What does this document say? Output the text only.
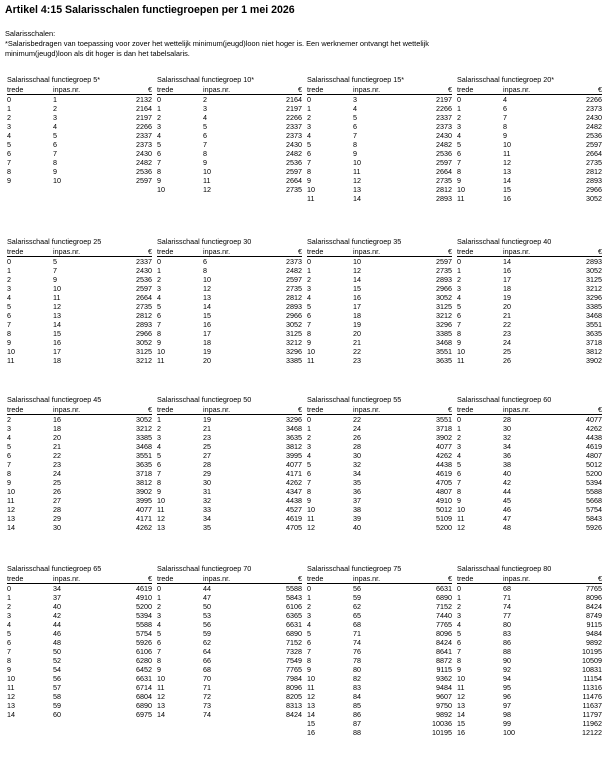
Artikel 4:15 Salarisschalen functiegroepen per 1 mei 2026
Salarisschalen:
*Salarisbedragen van toepassing voor zover het wettelijk minimum(jeugd)loon niet hoger is. Een werknemer ontvangt het wettelijk
minimum(jeugd)loon als dit hoger is dan het tabelsalaris.
Salarisschaal functiegroep 5*
trede	inpas.nr.	€
0	1	2132
1	2	2164
2	3	2197
3	4	2266
4	5	2337
5	6	2373
6	7	2430
7	8	2482
8	9	2536
9	10	2597
Salarisschaal functiegroep 10*
trede	inpas.nr.	€
0	2	2164
1	3	2197
2	4	2266
3	5	2337
4	6	2373
5	7	2430
6	8	2482
7	9	2536
8	10	2597
9	11	2664
10	12	2735
Salarisschaal functiegroep 15*
trede	inpas.nr.	€
0	3	2197
1	4	2266
2	5	2337
3	6	2373
4	7	2430
5	8	2482
6	9	2536
7	10	2597
8	11	2664
9	12	2735
10	13	2812
11	14	2893
Salarisschaal functiegroep 20*
trede	inpas.nr.	€
0	4	2266
1	6	2373
2	7	2430
3	8	2482
4	9	2536
5	10	2597
6	11	2664
7	12	2735
8	13	2812
9	14	2893
10	15	2966
11	16	3052
Salarisschaal functiegroep 25
trede	inpas.nr.	€
0	5	2337
1	7	2430
2	9	2536
3	10	2597
4	11	2664
5	12	2735
6	13	2812
7	14	2893
8	15	2966
9	16	3052
10	17	3125
11	18	3212
Salarisschaal functiegroep 30
trede	inpas.nr.	€
0	6	2373
1	8	2482
2	10	2597
3	12	2735
4	13	2812
5	14	2893
6	15	2966
7	16	3052
8	17	3125
9	18	3212
10	19	3296
11	20	3385
Salarisschaal functiegroep 35
trede	inpas.nr.	€
0	10	2597
1	12	2735
2	14	2893
3	15	2966
4	16	3052
5	17	3125
6	18	3212
7	19	3296
8	20	3385
9	21	3468
10	22	3551
11	23	3635
Salarisschaal functiegroep 40
trede	inpas.nr.	€
0	14	2893
1	16	3052
2	17	3125
3	18	3212
4	19	3296
5	20	3385
6	21	3468
7	22	3551
8	23	3635
9	24	3718
10	25	3812
11	26	3902
Salarisschaal functiegroep 45
trede	inpas.nr.	€
2	16	3052
3	18	3212
4	20	3385
5	21	3468
6	22	3551
7	23	3635
8	24	3718
9	25	3812
10	26	3902
11	27	3995
12	28	4077
13	29	4171
14	30	4262
Salarisschaal functiegroep 50
trede	inpas.nr.	€
1	19	3296
2	21	3468
3	23	3635
4	25	3812
5	27	3995
6	28	4077
7	29	4171
8	30	4262
9	31	4347
10	32	4438
11	33	4527
12	34	4619
13	35	4705
Salarisschaal functiegroep 55
trede	inpas.nr.	€
0	22	3551
1	24	3718
2	26	3902
3	28	4077
4	30	4262
5	32	4438
6	34	4619
7	35	4705
8	36	4807
9	37	4910
10	38	5012
11	39	5109
12	40	5200
Salarisschaal functiegroep 60
trede	inpas.nr.	€
0	28	4077
1	30	4262
2	32	4438
3	34	4619
4	36	4807
5	38	5012
6	40	5200
7	42	5394
8	44	5588
9	45	5668
10	46	5754
11	47	5843
12	48	5926
Salarisschaal functiegroep 65
trede	inpas.nr.	€
0	34	4619
1	37	4910
2	40	5200
3	42	5394
4	44	5588
5	46	5754
6	48	5926
7	50	6106
8	52	6280
9	54	6452
10	56	6631
11	57	6714
12	58	6804
13	59	6890
14	60	6975
Salarisschaal functiegroep 70
trede	inpas.nr.	€
0	44	5588
1	47	5843
2	50	6106
3	53	6365
4	56	6631
5	59	6890
6	62	7152
7	64	7328
8	66	7549
9	68	7765
10	70	7984
11	71	8096
12	72	8205
13	73	8313
14	74	8424
Salarisschaal functiegroep 75
trede	inpas.nr.	€
0	56	6631
1	59	6890
2	62	7152
3	65	7440
4	68	7765
5	71	8096
6	74	8424
7	76	8641
8	78	8872
9	80	9115
10	82	9362
11	83	9484
12	84	9607
13	85	9750
14	86	9892
15	87	10036
16	88	10195
Salarisschaal functiegroep 80
trede	inpas.nr.	€
0	68	7765
1	71	8096
2	74	8424
3	77	8749
4	80	9115
5	83	9484
6	86	9892
7	88	10195
8	90	10509
9	92	10831
10	94	11154
11	95	11316
12	96	11476
13	97	11637
14	98	11797
15	99	11962
16	100	12122
